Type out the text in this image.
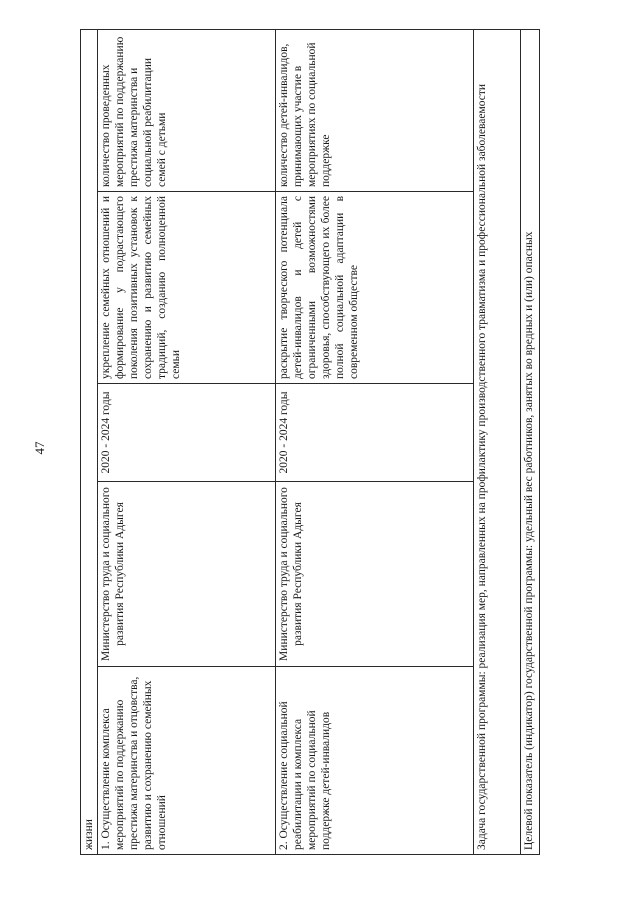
47
жизни				
1. Осуществление комплекса мероприятий по поддержанию престижа материнства и отцовства, развитию и сохранению семейных отношений	Министерство труда и социального развития Республики Адыгея	2020 - 2024 годы	укрепление семейных отношений и формирование у подрастающего поколения позитивных установок к сохранению и развитию семейных традиций, созданию полноценной семьи	количество проведенных мероприятий по поддержанию престижа материнства и социальной реабилитации семей с детьми
2. Осуществление социальной реабилитации и комплекса мероприятий по социальной поддержке детей-инвалидов	Министерство труда и социального развития Республики Адыгея	2020 - 2024 годы	раскрытие творческого потенциала детей-инвалидов и детей с ограниченными возможностями здоровья, способствующего их более полной социальной адаптации в современном обществе	количество детей-инвалидов, принимающих участие в мероприятиях по социальной поддержке
Задача государственной программы: реализация мер, направленных на профилактику производственного травматизма и профессиональной заболеваемости				
Целевой показатель (индикатор) государственной программы: удельный вес работников, занятых во вредных и (или) опасных				
